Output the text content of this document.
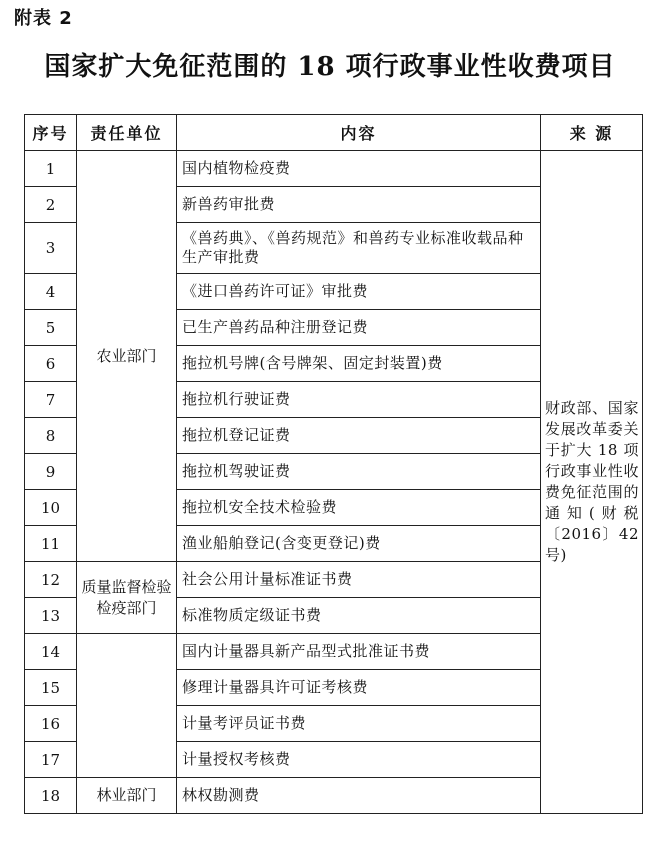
附表 2
国家扩大免征范围的 18 项行政事业性收费项目
序号	责任单位	内容	来 源
1	农业部门	国内植物检疫费	财政部、国家发展改革委关于扩大 18 项行政事业性收费免征范围的通知(财税〔2016〕42 号)
2		新兽药审批费	
3		《兽药典》、《兽药规范》和兽药专业标准收载品种生产审批费	
4		《进口兽药许可证》审批费	
5		已生产兽药品种注册登记费	
6		拖拉机号牌(含号牌架、固定封装置)费	
7		拖拉机行驶证费	
8		拖拉机登记证费	
9		拖拉机驾驶证费	
10		拖拉机安全技术检验费	
11		渔业船舶登记(含变更登记)费	
12	质量监督检验检疫部门	社会公用计量标准证书费	
13		标准物质定级证书费	
14		国内计量器具新产品型式批准证书费	
15		修理计量器具许可证考核费	
16		计量考评员证书费	
17		计量授权考核费	
18	林业部门	林权勘测费	
